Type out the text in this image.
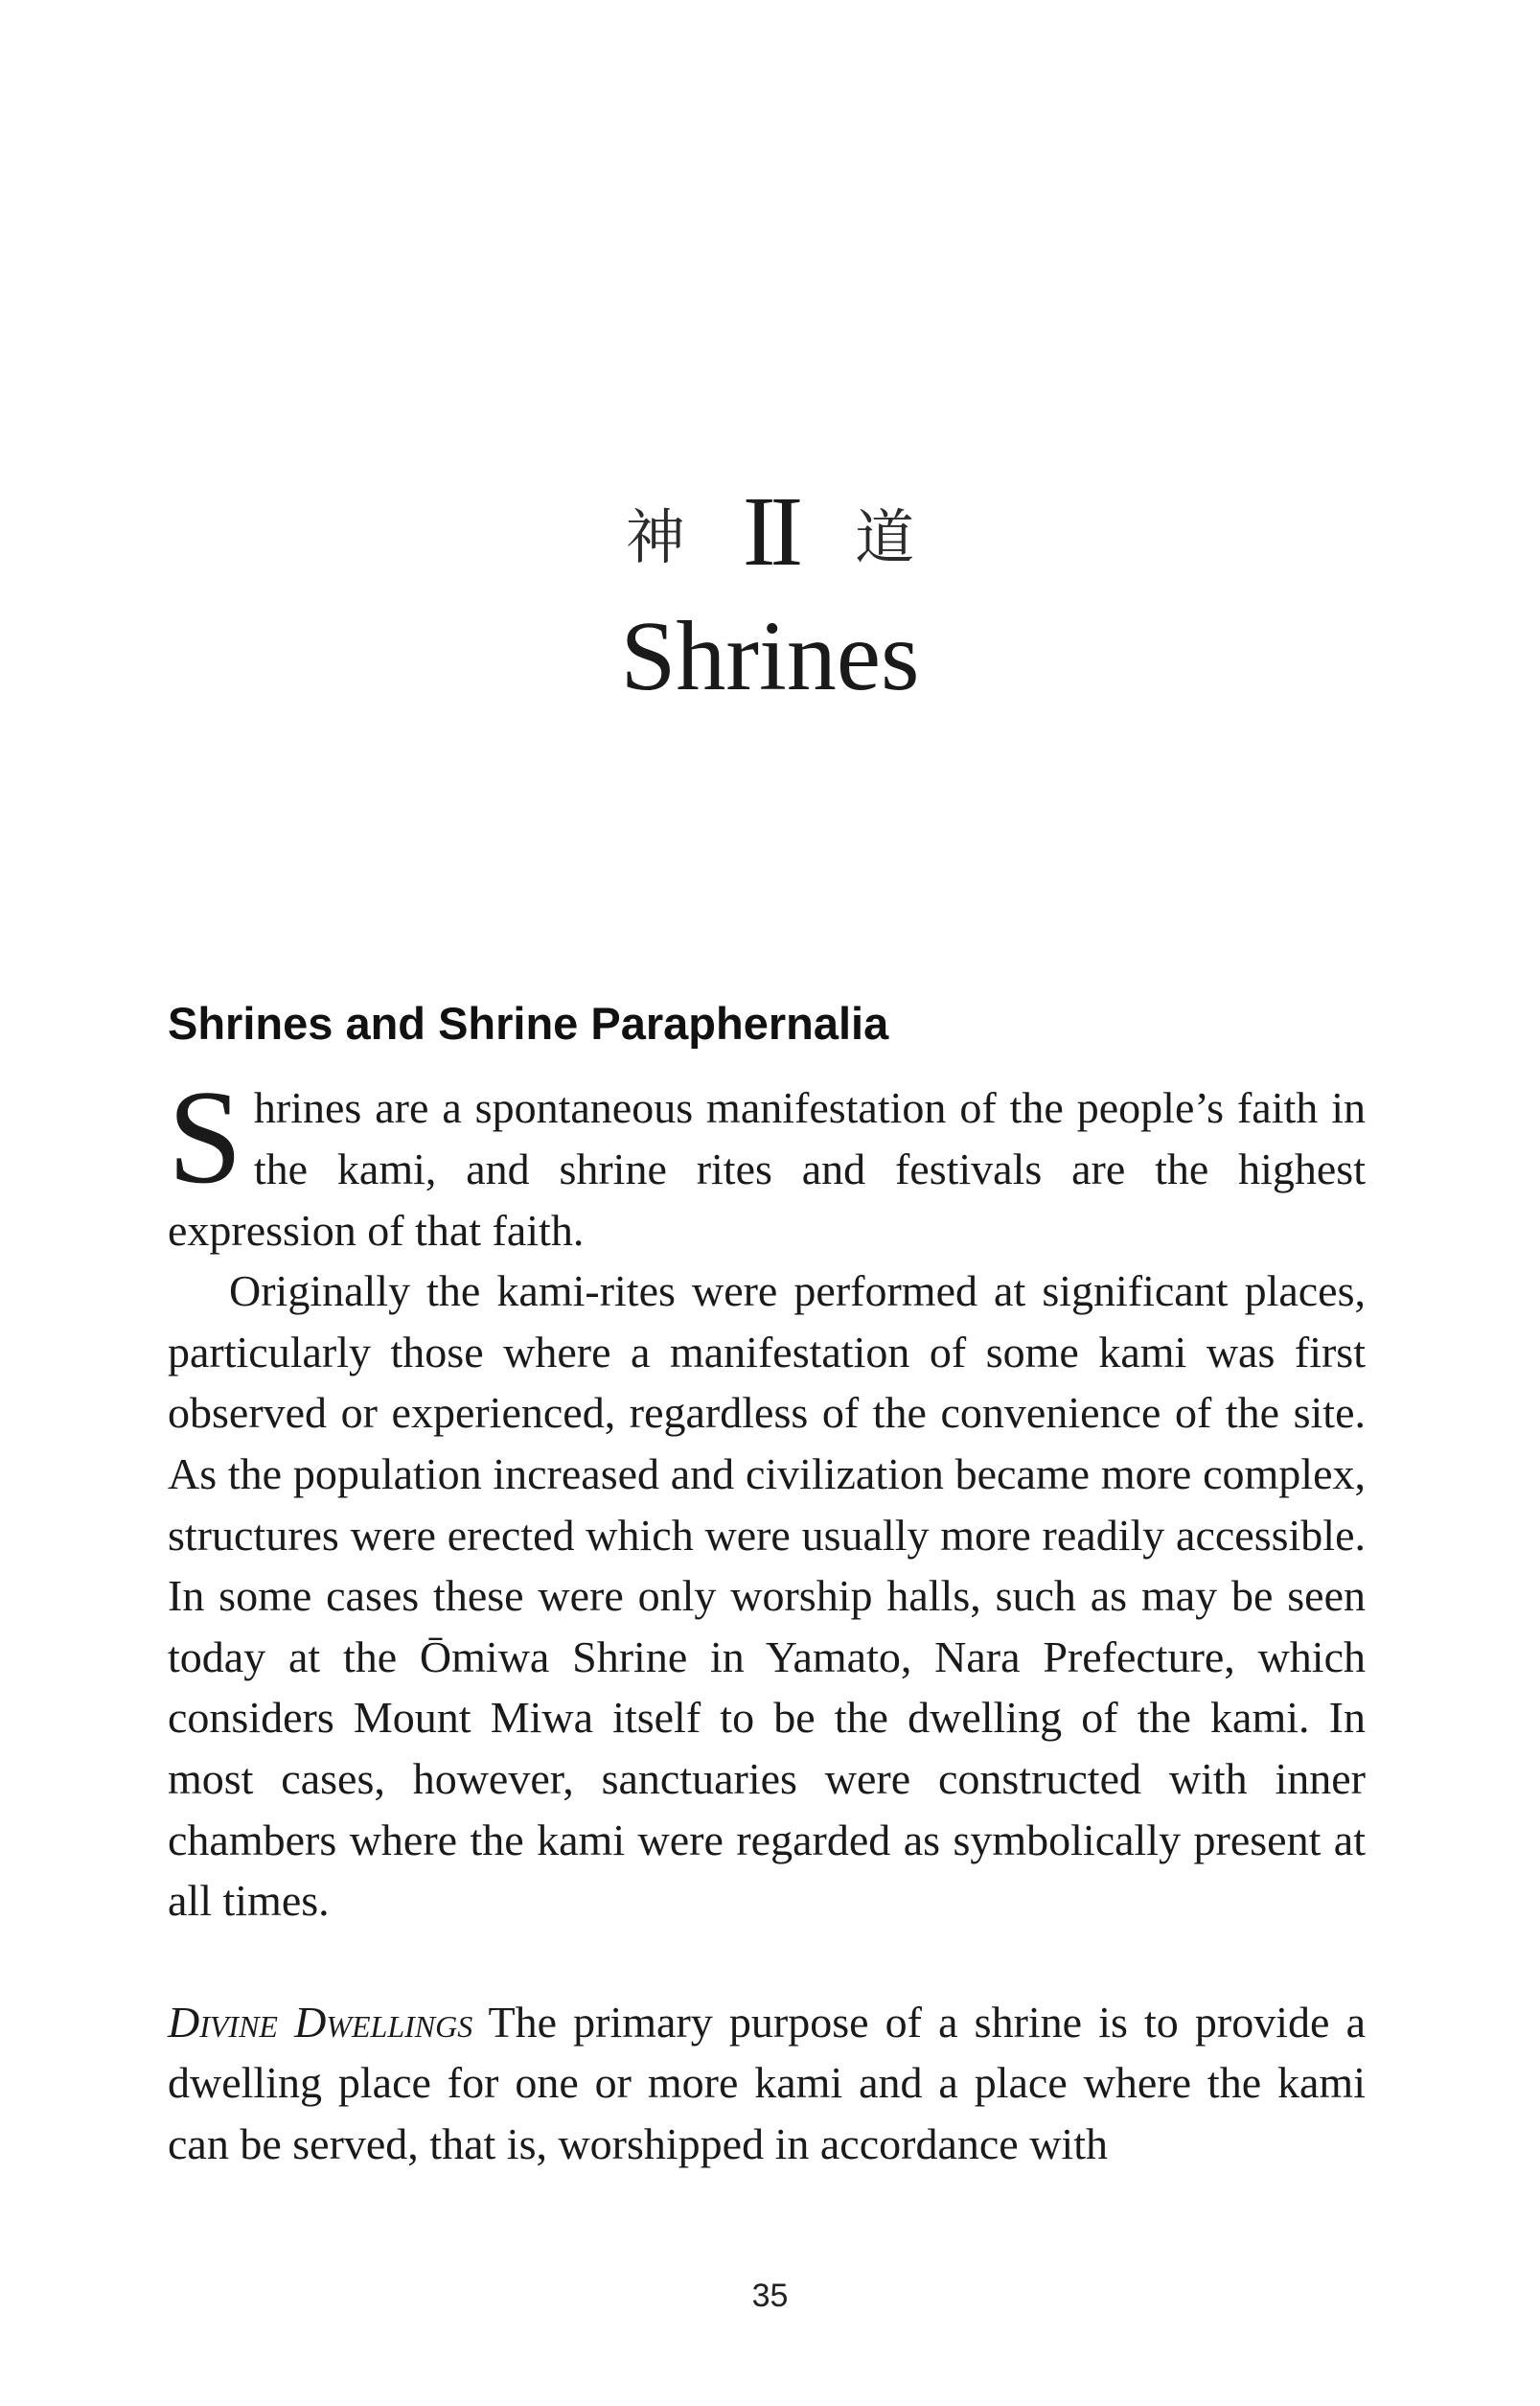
神 II 道
Shrines
Shrines and Shrine Paraphernalia

Shrines are a spontaneous manifestation of the people’s faith in the kami, and shrine rites and festivals are the highest expression of that faith.

Originally the kami-rites were performed at significant places, particularly those where a manifestation of some kami was first observed or experienced, regardless of the convenience of the site. As the population increased and civilization became more complex, structures were erected which were usually more readily accessible. In some cases these were only worship halls, such as may be seen today at the Ōmiwa Shrine in Yamato, Nara Prefecture, which considers Mount Miwa itself to be the dwelling of the kami. In most cases, however, sanctuaries were constructed with inner chambers where the kami were regarded as symbolically present at all times.

Divine Dwellings The primary purpose of a shrine is to provide a dwelling place for one or more kami and a place where the kami can be served, that is, worshipped in accordance with

35
